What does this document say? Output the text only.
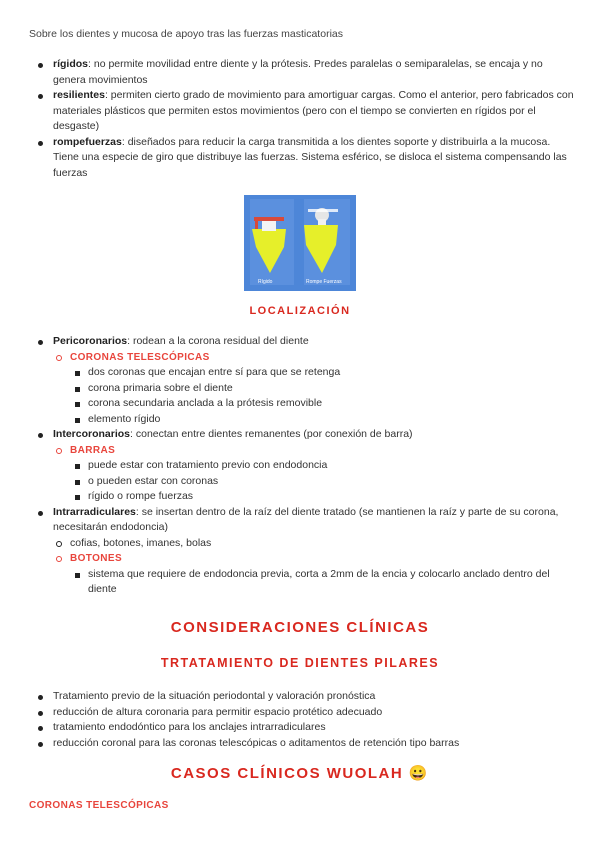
Sobre los dientes y mucosa de apoyo tras las fuerzas masticatorias
rígidos: no permite movilidad entre diente y la prótesis. Predes paralelas o semiparalelas, se encaja y no genera movimientos
resilientes: permiten cierto grado de movimiento para amortiguar cargas. Como el anterior, pero fabricados con materiales plásticos que permiten estos movimientos (pero con el tiempo se convierten en rígidos por el desgaste)
rompefuerzas: diseñados para reducir la carga transmitida a los dientes soporte y distribuirla a la mucosa. Tiene una especie de giro que distribuye las fuerzas. Sistema esférico, se disloca el sistema compensando las fuerzas
Rígido	Rompe Fuerzas
LOCALIZACIÓN
Pericoronarios: rodean a la corona residual del diente
CORONAS TELESCÓPICAS
dos coronas que encajan entre sí para que se retenga
corona primaria sobre el diente
corona secundaria anclada a la prótesis removible
elemento rígido
Intercoronarios: conectan entre dientes remanentes (por conexión de barra)
BARRAS
puede estar con tratamiento previo con endodoncia
o pueden estar con coronas
rígido o rompe fuerzas
Intrarradiculares: se insertan dentro de la raíz del diente tratado (se mantienen la raíz y parte de su corona, necesitarán endodoncia)
cofias, botones, imanes, bolas
BOTONES
sistema que requiere de endodoncia previa, corta a 2mm de la encia y colocarlo anclado dentro del diente
CONSIDERACIONES CLÍNICAS
TRTATAMIENTO DE DIENTES PILARES
Tratamiento previo de la situación periodontal y valoración pronóstica
reducción de altura coronaria para permitir espacio protético adecuado
tratamiento endodóntico para los anclajes intrarradiculares
reducción coronal para las coronas telescópicas o aditamentos de retención tipo barras
CASOS CLÍNICOS WUOLAH 😀
CORONAS TELESCÓPICAS
